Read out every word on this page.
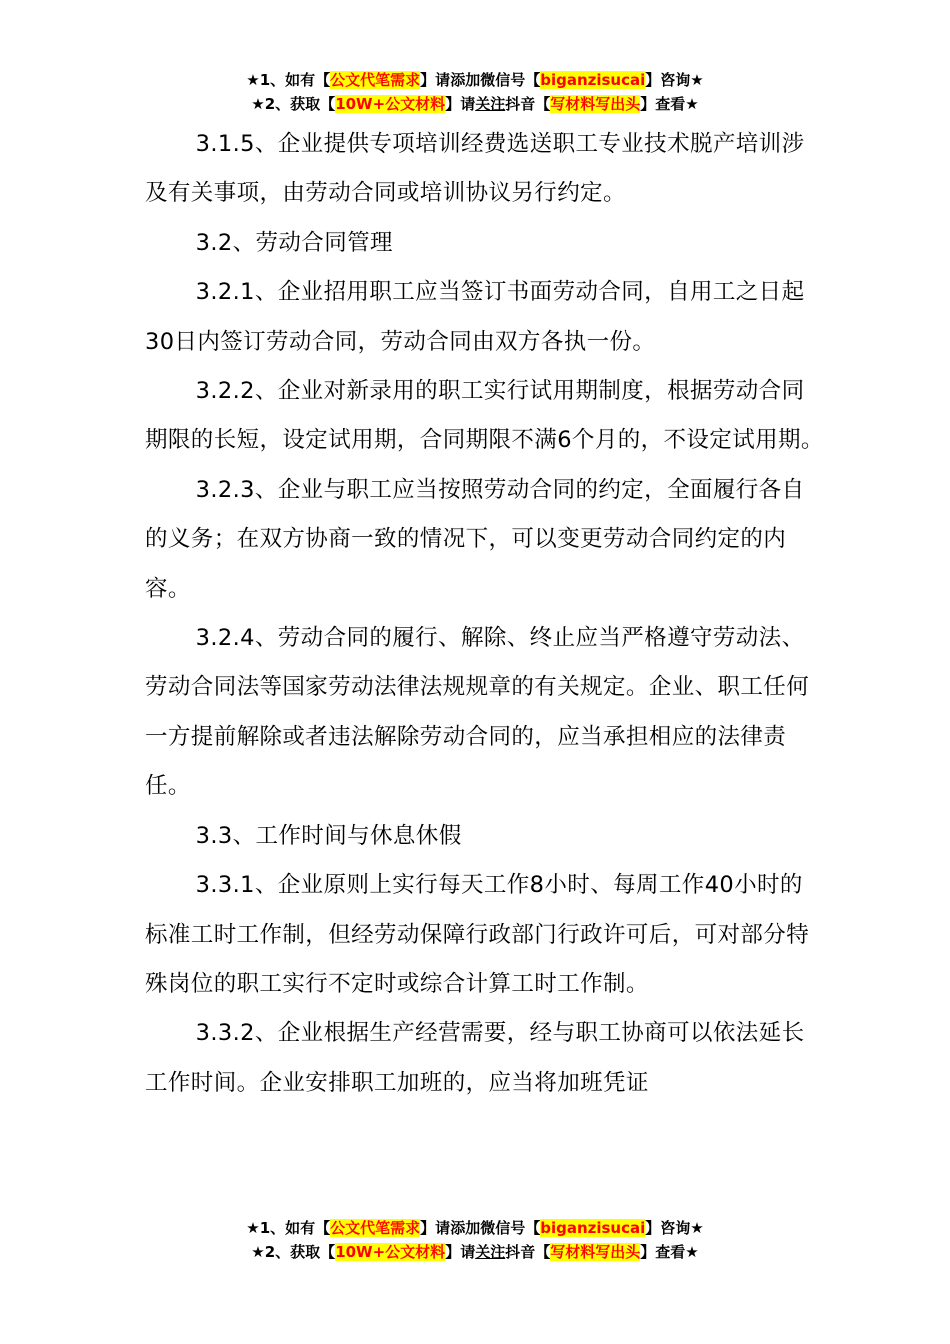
★1、如有【公文代笔需求】请添加微信号【biganzisucai】咨询★
★2、获取【10W+公文材料】请关注抖音【写材料写出头】查看★

3.1.5、企业提供专项培训经费选送职工专业技术脱产培训涉及有关事项，由劳动合同或培训协议另行约定。

3.2、劳动合同管理

3.2.1、企业招用职工应当签订书面劳动合同，自用工之日起30日内签订劳动合同，劳动合同由双方各执一份。

3.2.2、企业对新录用的职工实行试用期制度，根据劳动合同期限的长短，设定试用期，合同期限不满6个月的，不设定试用期。

3.2.3、企业与职工应当按照劳动合同的约定，全面履行各自的义务；在双方协商一致的情况下，可以变更劳动合同约定的内容。

3.2.4、劳动合同的履行、解除、终止应当严格遵守劳动法、劳动合同法等国家劳动法律法规规章的有关规定。企业、职工任何一方提前解除或者违法解除劳动合同的，应当承担相应的法律责任。

3.3、工作时间与休息休假

3.3.1、企业原则上实行每天工作8小时、每周工作40小时的标准工时工作制，但经劳动保障行政部门行政许可后，可对部分特殊岗位的职工实行不定时或综合计算工时工作制。

3.3.2、企业根据生产经营需要，经与职工协商可以依法延长工作时间。企业安排职工加班的，应当将加班凭证

★1、如有【公文代笔需求】请添加微信号【biganzisucai】咨询★
★2、获取【10W+公文材料】请关注抖音【写材料写出头】查看★
